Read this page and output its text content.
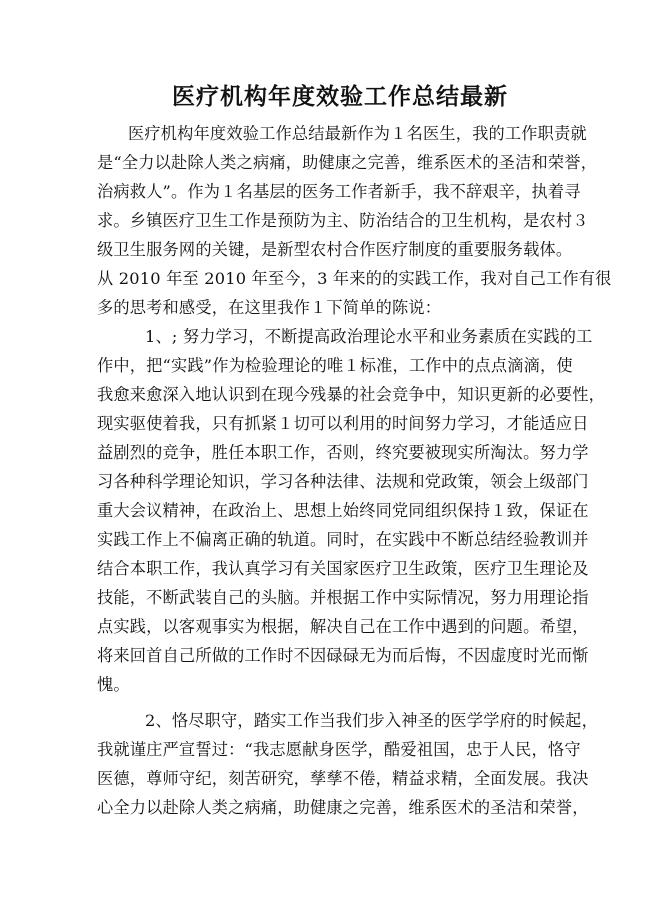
医疗机构年度效验工作总结最新
医疗机构年度效验工作总结最新作为１名医生，我的工作职责就
是“全力以赴除人类之病痛，助健康之完善，维系医术的圣洁和荣誉，
治病救人”。作为１名基层的医务工作者新手，我不辞艰辛，执着寻
求。乡镇医疗卫生工作是预防为主、防治结合的卫生机构，是农村３
级卫生服务网的关键，是新型农村合作医疗制度的重要服务载体。
从 2010 年至 2010 年至今，3 年来的的实践工作，我对自己工作有很
多的思考和感受，在这里我作１下简单的陈说：
1、; 努力学习，不断提高政治理论水平和业务素质在实践的工
作中，把“实践”作为检验理论的唯１标准，工作中的点点滴滴，使
我愈来愈深入地认识到在现今残暴的社会竞争中，知识更新的必要性，
现实驱使着我，只有抓紧１切可以利用的时间努力学习，才能适应日
益剧烈的竞争，胜任本职工作，否则，终究要被现实所淘汰。努力学
习各种科学理论知识，学习各种法律、法规和党政策，领会上级部门
重大会议精神，在政治上、思想上始终同党同组织保持１致，保证在
实践工作上不偏离正确的轨道。同时，在实践中不断总结经验教训并
结合本职工作，我认真学习有关国家医疗卫生政策，医疗卫生理论及
技能，不断武装自己的头脑。并根据工作中实际情况，努力用理论指
点实践，以客观事实为根据，解决自己在工作中遇到的问题。希望，
将来回首自己所做的工作时不因碌碌无为而后悔，不因虚度时光而惭
愧。
2、恪尽职守，踏实工作当我们步入神圣的医学学府的时候起，
我就谨庄严宣誓过：“我志愿献身医学，酷爱祖国，忠于人民，恪守
医德，尊师守纪，刻苦研究，孳孳不倦，精益求精，全面发展。我决
心全力以赴除人类之病痛，助健康之完善，维系医术的圣洁和荣誉，
